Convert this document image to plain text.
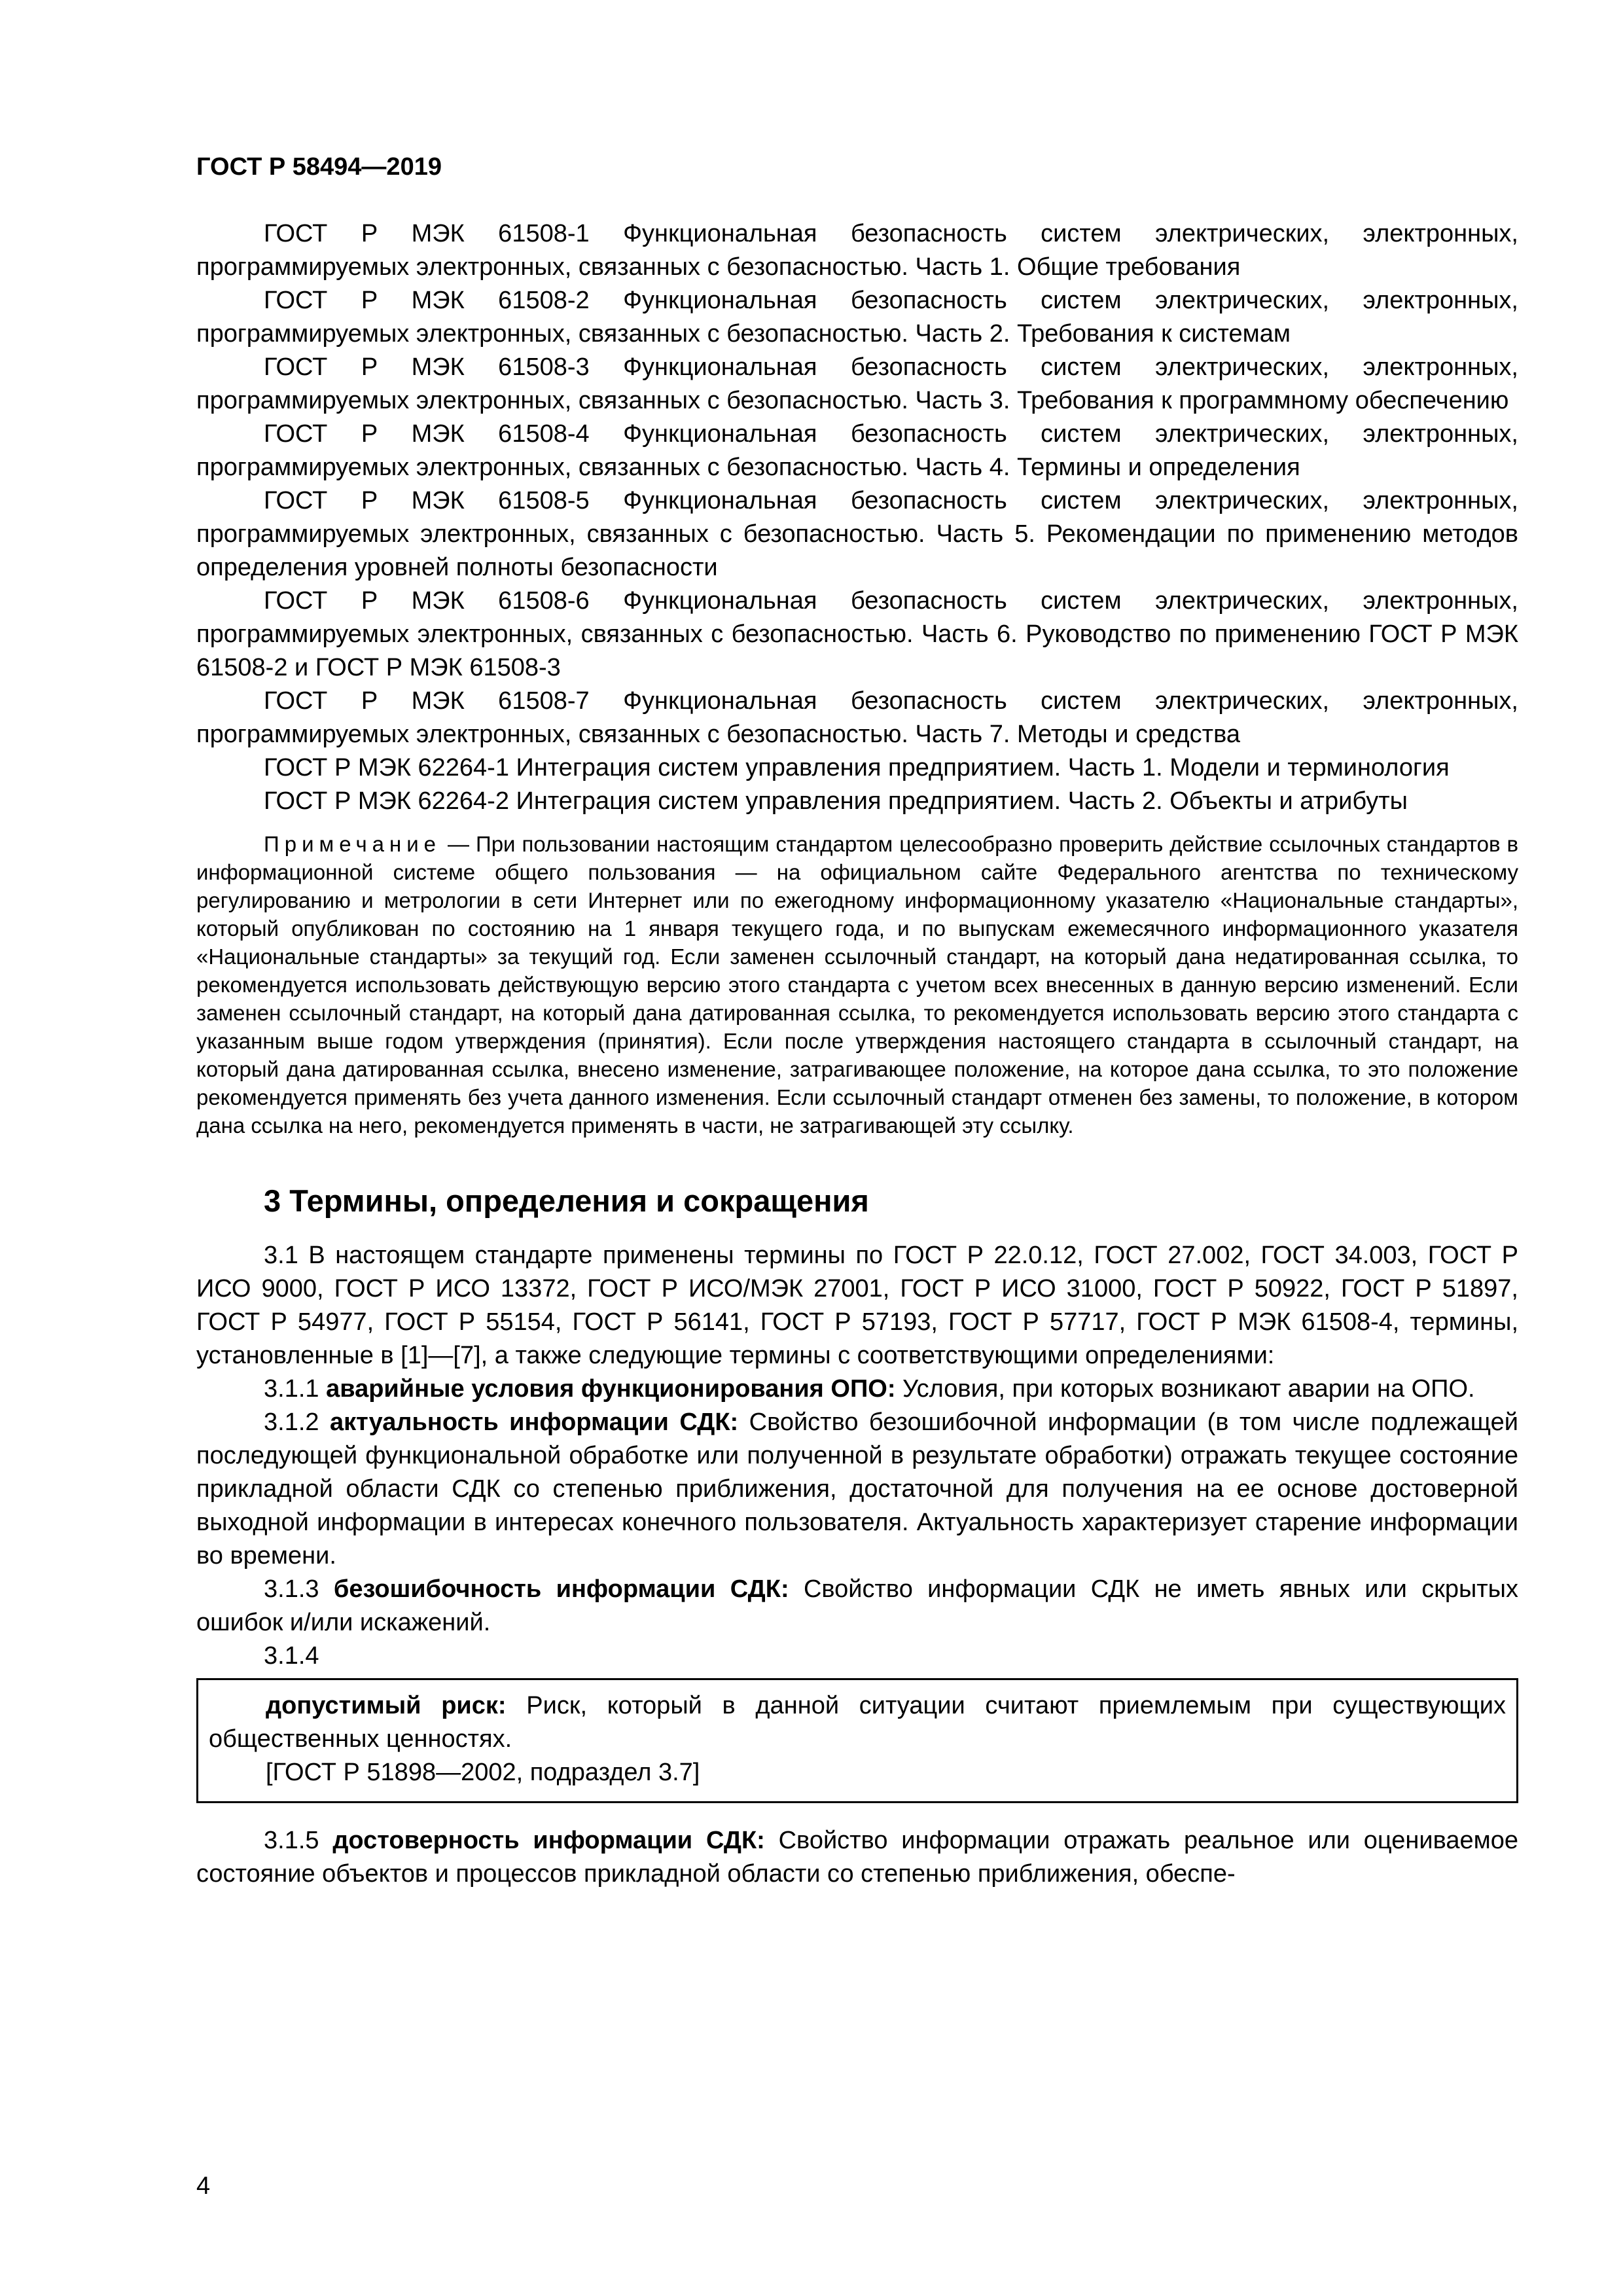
ГОСТ Р 58494—2019

ГОСТ Р МЭК 61508-1 Функциональная безопасность систем электрических, электронных, программируемых электронных, связанных с безопасностью. Часть 1. Общие требования

ГОСТ Р МЭК 61508-2 Функциональная безопасность систем электрических, электронных, программируемых электронных, связанных с безопасностью. Часть 2. Требования к системам

ГОСТ Р МЭК 61508-3 Функциональная безопасность систем электрических, электронных, программируемых электронных, связанных с безопасностью. Часть 3. Требования к программному обеспечению

ГОСТ Р МЭК 61508-4 Функциональная безопасность систем электрических, электронных, программируемых электронных, связанных с безопасностью. Часть 4. Термины и определения

ГОСТ Р МЭК 61508-5 Функциональная безопасность систем электрических, электронных, программируемых электронных, связанных с безопасностью. Часть 5. Рекомендации по применению методов определения уровней полноты безопасности

ГОСТ Р МЭК 61508-6 Функциональная безопасность систем электрических, электронных, программируемых электронных, связанных с безопасностью. Часть 6. Руководство по применению ГОСТ Р МЭК 61508-2 и ГОСТ Р МЭК 61508-3

ГОСТ Р МЭК 61508-7 Функциональная безопасность систем электрических, электронных, программируемых электронных, связанных с безопасностью. Часть 7. Методы и средства

ГОСТ Р МЭК 62264-1 Интеграция систем управления предприятием. Часть 1. Модели и терминология

ГОСТ Р МЭК 62264-2 Интеграция систем управления предприятием. Часть 2. Объекты и атрибуты

Примечание — При пользовании настоящим стандартом целесообразно проверить действие ссылочных стандартов в информационной системе общего пользования — на официальном сайте Федерального агентства по техническому регулированию и метрологии в сети Интернет или по ежегодному информационному указателю «Национальные стандарты», который опубликован по состоянию на 1 января текущего года, и по выпускам ежемесячного информационного указателя «Национальные стандарты» за текущий год. Если заменен ссылочный стандарт, на который дана недатированная ссылка, то рекомендуется использовать действующую версию этого стандарта с учетом всех внесенных в данную версию изменений. Если заменен ссылочный стандарт, на который дана датированная ссылка, то рекомендуется использовать версию этого стандарта с указанным выше годом утверждения (принятия). Если после утверждения настоящего стандарта в ссылочный стандарт, на который дана датированная ссылка, внесено изменение, затрагивающее положение, на которое дана ссылка, то это положение рекомендуется применять без учета данного изменения. Если ссылочный стандарт отменен без замены, то положение, в котором дана ссылка на него, рекомендуется применять в части, не затрагивающей эту ссылку.

3 Термины, определения и сокращения

3.1 В настоящем стандарте применены термины по ГОСТ Р 22.0.12, ГОСТ 27.002, ГОСТ 34.003, ГОСТ Р ИСО 9000, ГОСТ Р ИСО 13372, ГОСТ Р ИСО/МЭК 27001, ГОСТ Р ИСО 31000, ГОСТ Р 50922, ГОСТ Р 51897, ГОСТ Р 54977, ГОСТ Р 55154, ГОСТ Р 56141, ГОСТ Р 57193, ГОСТ Р 57717, ГОСТ Р МЭК 61508-4, термины, установленные в [1]—[7], а также следующие термины с соответствующими определениями:

3.1.1 аварийные условия функционирования ОПО: Условия, при которых возникают аварии на ОПО.

3.1.2 актуальность информации СДК: Свойство безошибочной информации (в том числе подлежащей последующей функциональной обработке или полученной в результате обработки) отражать текущее состояние прикладной области СДК со степенью приближения, достаточной для получения на ее основе достоверной выходной информации в интересах конечного пользователя. Актуальность характеризует старение информации во времени.

3.1.3 безошибочность информации СДК: Свойство информации СДК не иметь явных или скрытых ошибок и/или искажений.

3.1.4

допустимый риск: Риск, который в данной ситуации считают приемлемым при существующих общественных ценностях.

[ГОСТ Р 51898—2002, подраздел 3.7]

3.1.5 достоверность информации СДК: Свойство информации отражать реальное или оцениваемое состояние объектов и процессов прикладной области со степенью приближения, обеспе-

4
